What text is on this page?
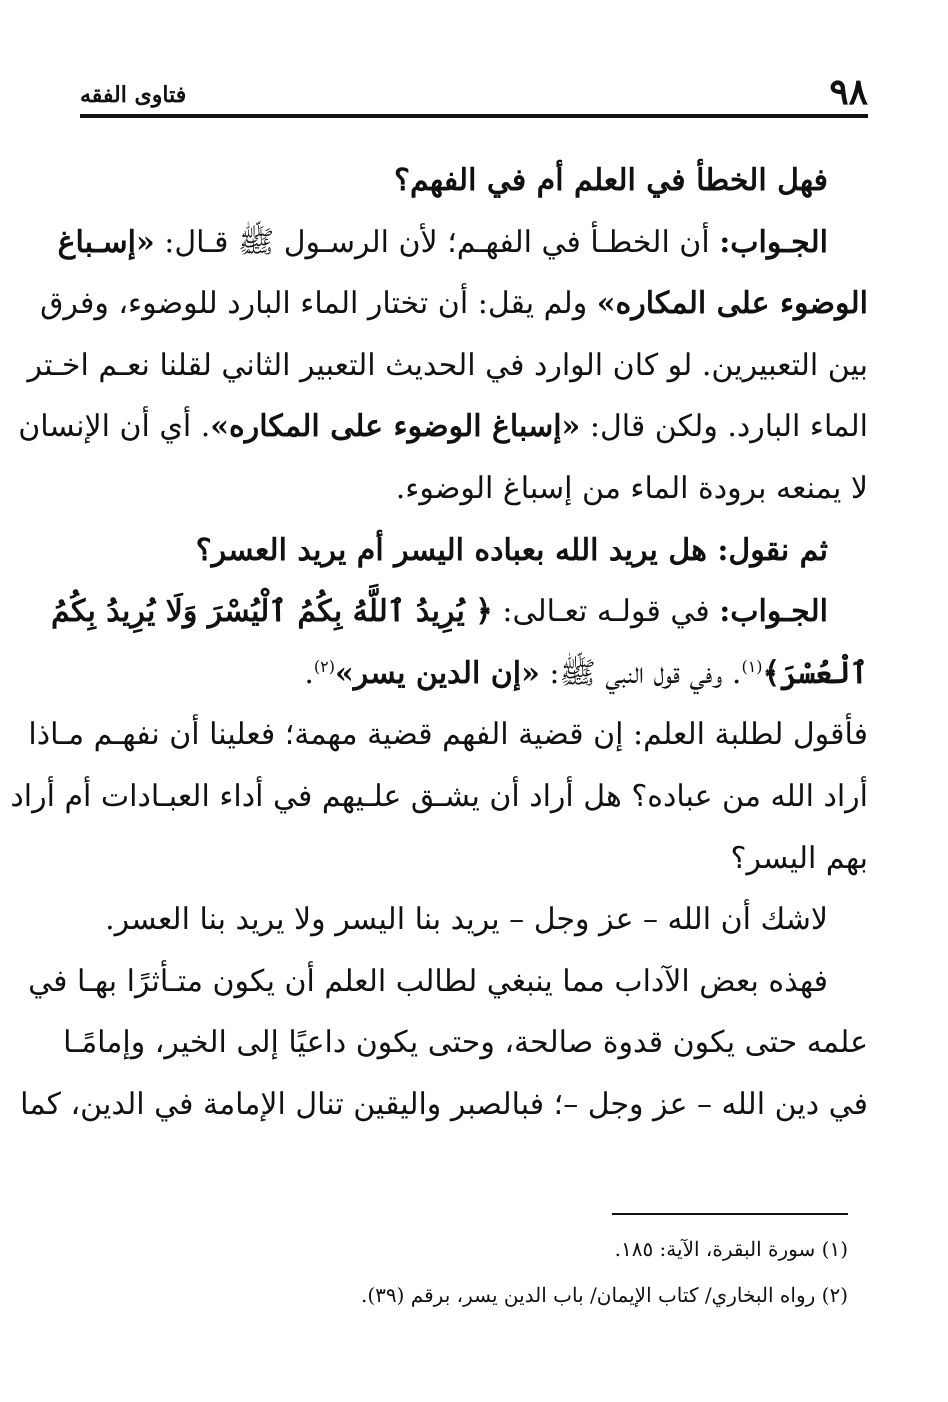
٩٨
فتاوى الفقه
فهل الخطأ في العلم أم في الفهم؟
الجـواب: أن الخطـأ في الفهـم؛ لأن الرسـول ﷺ قـال: «إسـباغ
الوضوء على المكاره» ولم يقل: أن تختار الماء البارد للوضوء، وفرق
بين التعبيرين. لو كان الوارد في الحديث التعبير الثاني لقلنا نعـم اخـتر
الماء البارد. ولكن قال: «إسباغ الوضوء على المكاره». أي أن الإنسان
لا يمنعه برودة الماء من إسباغ الوضوء.
ثم نقول: هل يريد الله بعباده اليسر أم يريد العسر؟
الجـواب: في قولـه تعـالى: ﴿ يُرِيدُ ٱللَّهُ بِكُمُ ٱلْيُسْرَ وَلَا يُرِيدُ بِكُمُ
ٱلْعُسْرَ﴾$^{(١)}$. وفي قول النبي ﷺ: «إن الدين يسر»$^{(٢)}$.
فأقول لطلبة العلم: إن قضية الفهم قضية مهمة؛ فعلينا أن نفهـم مـاذا
أراد الله من عباده؟ هل أراد أن يشـق علـيهم في أداء العبـادات أم أراد
بهم اليسر؟
لاشك أن الله – عز وجل – يريد بنا اليسر ولا يريد بنا العسر.
فهذه بعض الآداب مما ينبغي لطالب العلم أن يكون متـأثرًا بهـا في
علمه حتى يكون قدوة صالحة، وحتى يكون داعيًا إلى الخير، وإمامًـا
في دين الله – عز وجل –؛ فبالصبر واليقين تنال الإمامة في الدين، كما
(١) سورة البقرة، الآية: ١٨٥.
(٢) رواه البخاري/ كتاب الإيمان/ باب الدين يسر، برقم (٣٩).
